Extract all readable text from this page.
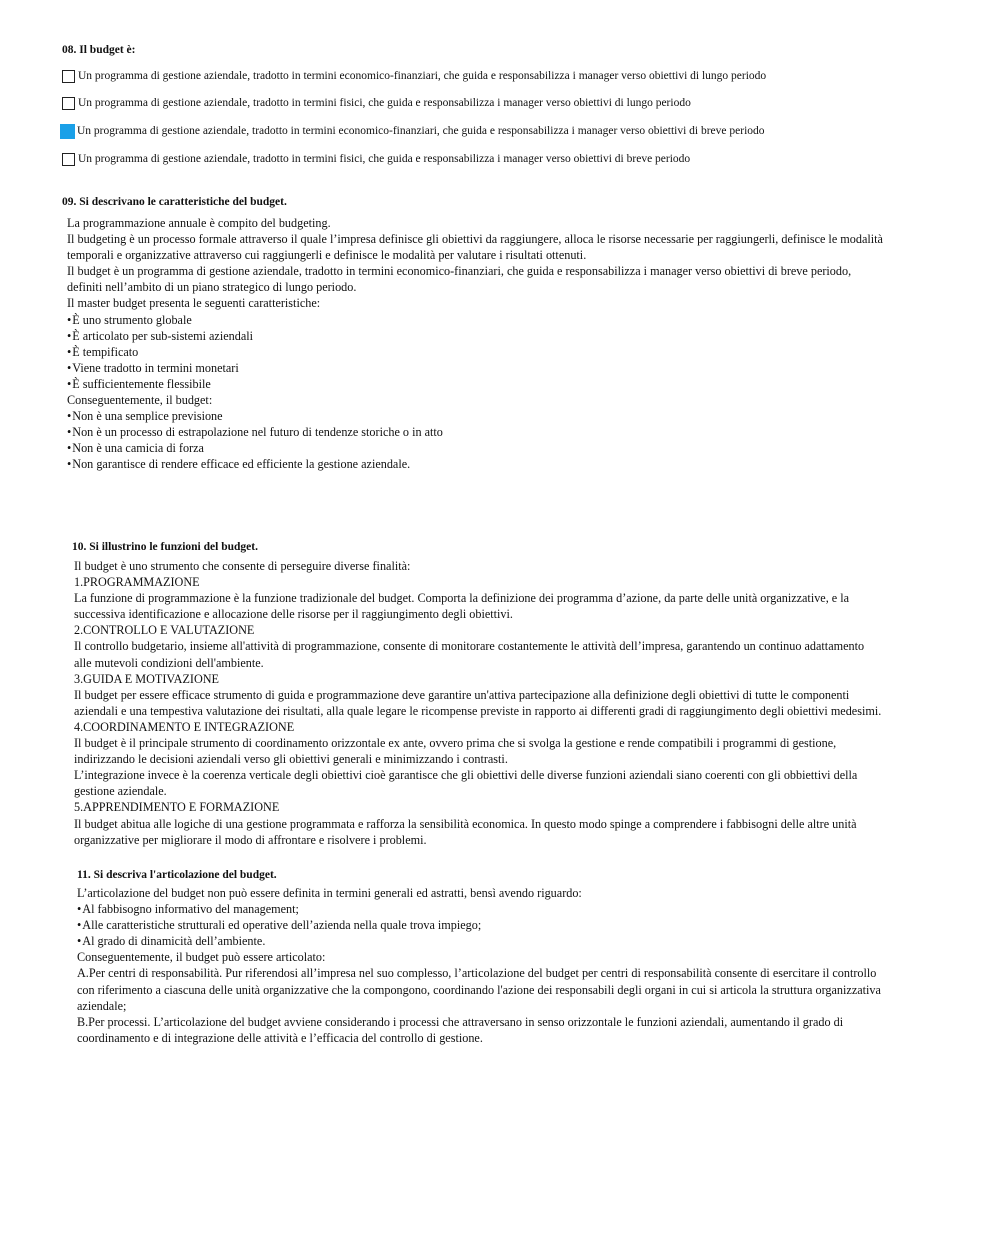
08. Il budget è:
Un programma di gestione aziendale, tradotto in termini economico-finanziari, che guida e responsabilizza i manager verso obiettivi di lungo periodo
Un programma di gestione aziendale, tradotto in termini fisici, che guida e responsabilizza i manager verso obiettivi di lungo periodo
Un programma di gestione aziendale, tradotto in termini economico-finanziari, che guida e responsabilizza i manager verso obiettivi di breve periodo
Un programma di gestione aziendale, tradotto in termini fisici, che guida e responsabilizza i manager verso obiettivi di breve periodo
09. Si descrivano le caratteristiche del budget.
La programmazione annuale è compito del budgeting.
Il budgeting è un processo formale attraverso il quale l’impresa definisce gli obiettivi da raggiungere, alloca le risorse necessarie per raggiungerli, definisce le modalità
temporali e organizzative attraverso cui raggiungerli e definisce le modalità per valutare i risultati ottenuti.
Il budget è un programma di gestione aziendale, tradotto in termini economico-finanziari, che guida e responsabilizza i manager verso obiettivi di breve periodo,
definiti nell’ambito di un piano strategico di lungo periodo.
Il master budget presenta le seguenti caratteristiche:
• È uno strumento globale
• È articolato per sub-sistemi aziendali
• È tempificato
• Viene tradotto in termini monetari
• È sufficientemente flessibile
Conseguentemente, il budget:
• Non è una semplice previsione
• Non è un processo di estrapolazione nel futuro di tendenze storiche o in atto
• Non è una camicia di forza
• Non garantisce di rendere efficace ed efficiente la gestione aziendale.
10. Si illustrino le funzioni del budget.
Il budget è uno strumento che consente di perseguire diverse finalità:
1.PROGRAMMAZIONE
La funzione di programmazione è la funzione tradizionale del budget. Comporta la definizione dei programma d’azione, da parte delle unità organizzative, e la
successiva identificazione e allocazione delle risorse per il raggiungimento degli obiettivi.
2.CONTROLLO E VALUTAZIONE
Il controllo budgetario, insieme all'attività di programmazione, consente di monitorare costantemente le attività dell’impresa, garantendo un continuo adattamento
alle mutevoli condizioni dell'ambiente.
3.GUIDA E MOTIVAZIONE
Il budget per essere efficace strumento di guida e programmazione deve garantire un'attiva partecipazione alla definizione degli obiettivi di tutte le componenti
aziendali e una tempestiva valutazione dei risultati, alla quale legare le ricompense previste in rapporto ai differenti gradi di raggiungimento degli obiettivi medesimi.
4.COORDINAMENTO E INTEGRAZIONE
Il budget è il principale strumento di coordinamento orizzontale ex ante, ovvero prima che si svolga la gestione e rende compatibili i programmi di gestione,
indirizzando le decisioni aziendali verso gli obiettivi generali e minimizzando i contrasti.
L’integrazione invece è la coerenza verticale degli obiettivi cioè garantisce che gli obiettivi delle diverse funzioni aziendali siano coerenti con gli obbiettivi della
gestione aziendale.
5.APPRENDIMENTO E FORMAZIONE
Il budget abitua alle logiche di una gestione programmata e rafforza la sensibilità economica. In questo modo spinge a comprendere i fabbisogni delle altre unità
organizzative per migliorare il modo di affrontare e risolvere i problemi.
11. Si descriva l'articolazione del budget.
L’articolazione del budget non può essere definita in termini generali ed astratti, bensì avendo riguardo:
• Al fabbisogno informativo del management;
• Alle caratteristiche strutturali ed operative dell’azienda nella quale trova impiego;
• Al grado di dinamicità dell’ambiente.
Conseguentemente, il budget può essere articolato:
A.Per centri di responsabilità. Pur riferendosi all’impresa nel suo complesso, l’articolazione del budget per centri di responsabilità consente di esercitare il controllo
con riferimento a ciascuna delle unità organizzative che la compongono, coordinando l'azione dei responsabili degli organi in cui si articola la struttura organizzativa
aziendale;
B.Per processi. L’articolazione del budget avviene considerando i processi che attraversano in senso orizzontale le funzioni aziendali, aumentando il grado di
coordinamento e di integrazione delle attività e l’efficacia del controllo di gestione.
